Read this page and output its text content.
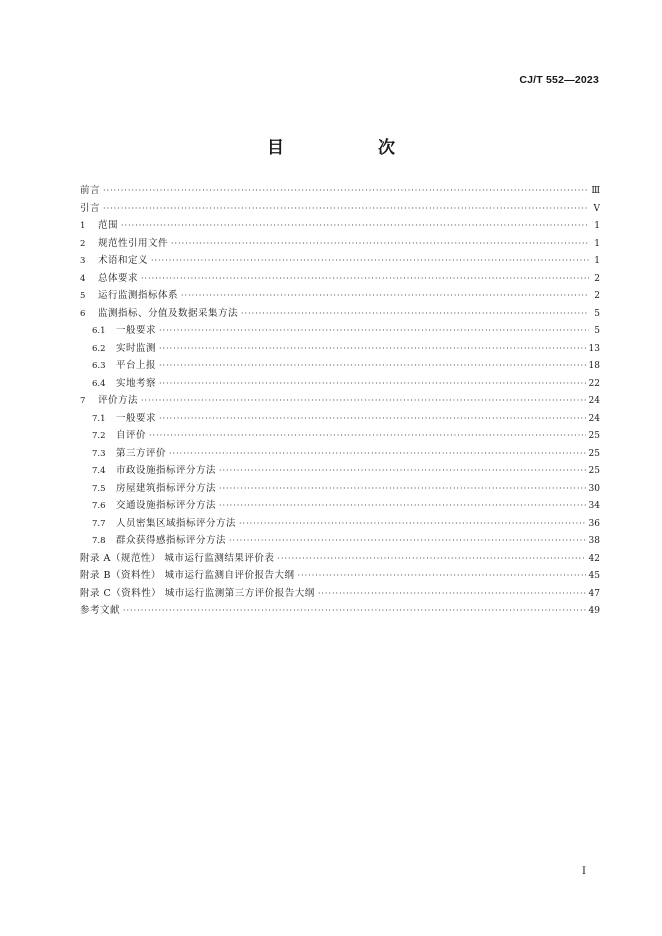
CJ/T 552—2023
目 次
前言 ·····	Ⅲ
引言 ·····	Ⅴ
1	范围 ·····	1
2	规范性引用文件 ·····	1
3	术语和定义 ·····	1
4	总体要求 ·····	2
5	运行监测指标体系 ·····	2
6	监测指标、分值及数据采集方法 ·····	5
6.1	一般要求 ·····	5
6.2	实时监测 ·····	13
6.3	平台上报 ·····	18
6.4	实地考察 ·····	22
7	评价方法 ·····	24
7.1	一般要求 ·····	24
7.2	自评价 ·····	25
7.3	第三方评价 ·····	25
7.4	市政设施指标评分方法 ·····	25
7.5	房屋建筑指标评分方法 ·····	30
7.6	交通设施指标评分方法 ·····	34
7.7	人员密集区域指标评分方法 ·····	36
7.8	群众获得感指标评分方法 ·····	38
附录 A（规范性） 城市运行监测结果评价表 ·····	42
附录 B（资料性） 城市运行监测自评价报告大纲 ·····	45
附录 C（资料性） 城市运行监测第三方评价报告大纲 ·····	47
参考文献 ·····	49
I
